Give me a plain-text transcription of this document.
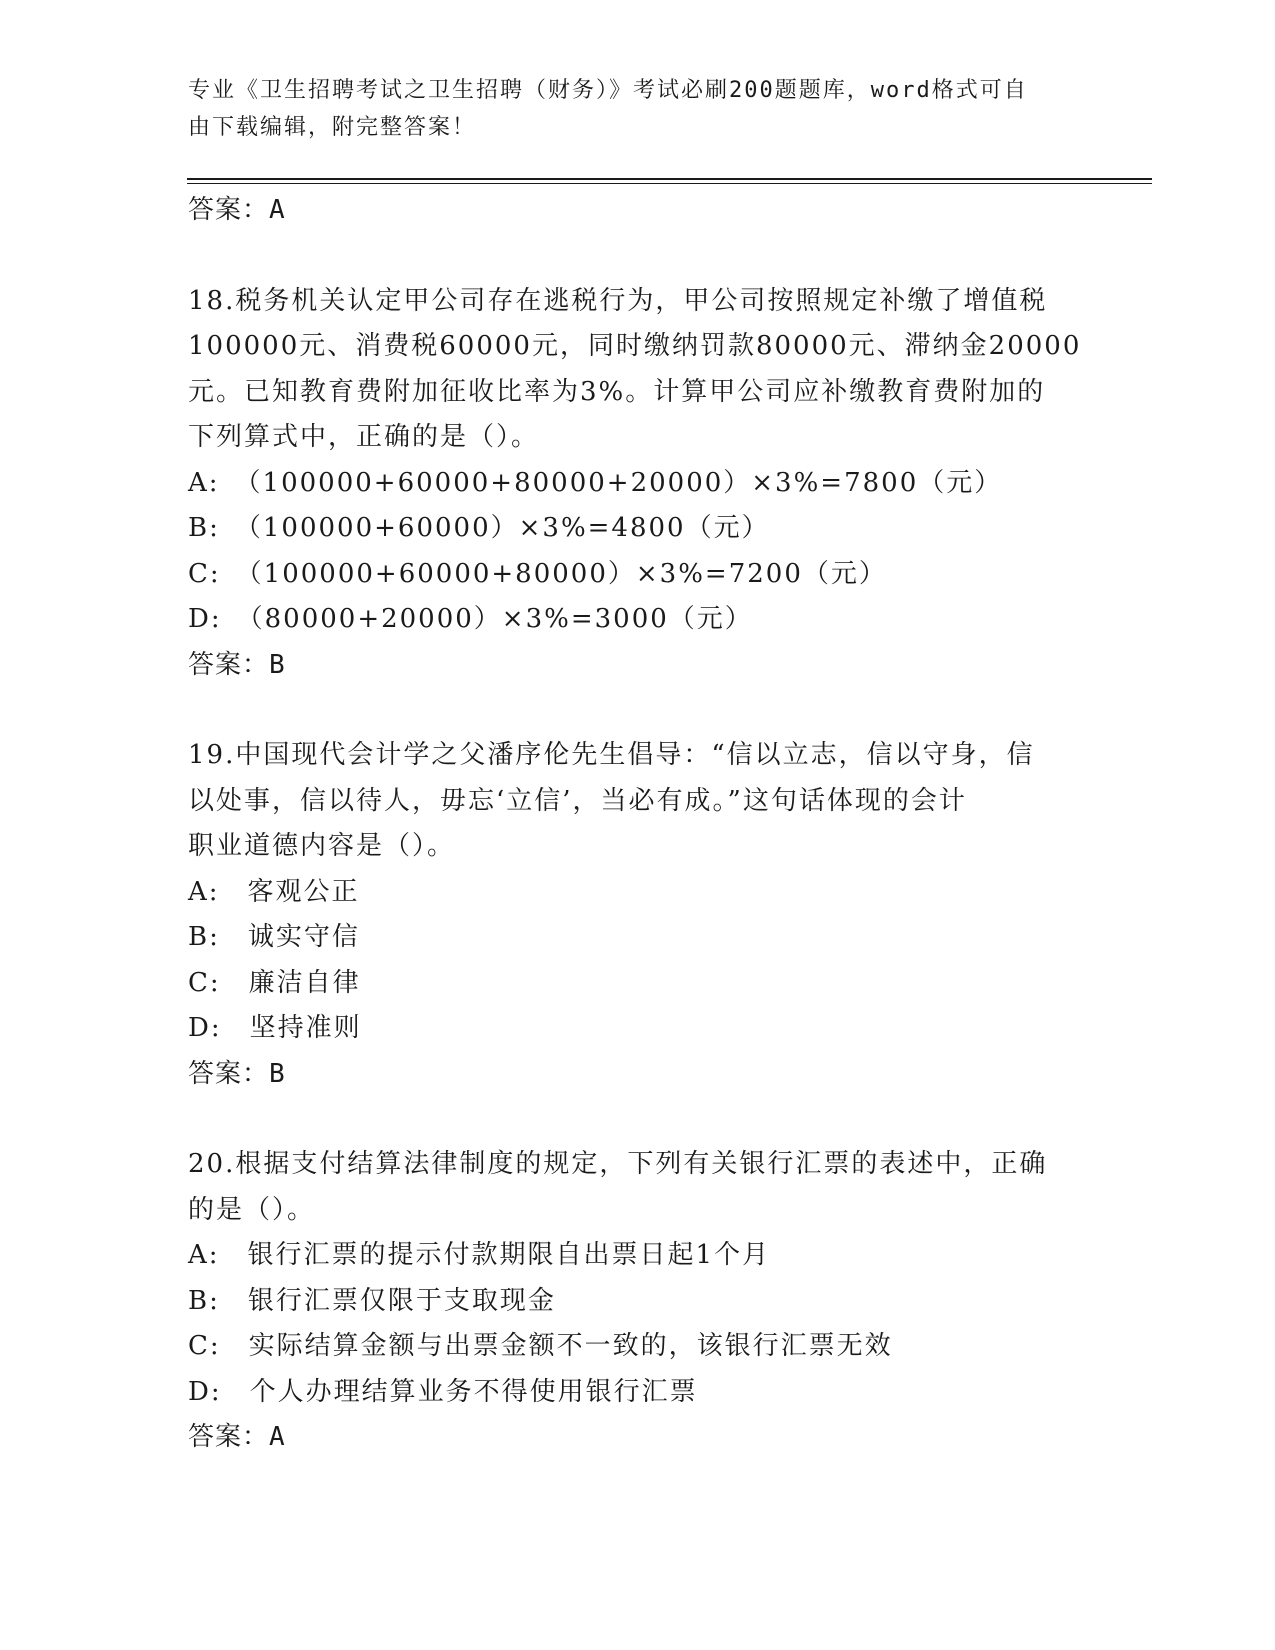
专业《卫生招聘考试之卫生招聘（财务）》考试必刷200题题库，word格式可自
由下载编辑，附完整答案！
答案：A
18.税务机关认定甲公司存在逃税行为，甲公司按照规定补缴了增值税
100000元、消费税60000元，同时缴纳罚款80000元、滞纳金20000
元。已知教育费附加征收比率为3%。计算甲公司应补缴教育费附加的
下列算式中，正确的是（）。
A:　（100000+60000+80000+20000）×3%=7800（元）
B:　（100000+60000）×3%=4800（元）
C:　（100000+60000+80000）×3%=7200（元）
D:　（80000+20000）×3%=3000（元）
答案：B
19.中国现代会计学之父潘序伦先生倡导：“信以立志，信以守身，信
以处事，信以待人，毋忘‘立信’，当必有成。”这句话体现的会计
职业道德内容是（）。
A:　客观公正
B:　诚实守信
C:　廉洁自律
D:　坚持准则
答案：B
20.根据支付结算法律制度的规定，下列有关银行汇票的表述中，正确
的是（）。
A:　银行汇票的提示付款期限自出票日起1个月
B:　银行汇票仅限于支取现金
C:　实际结算金额与出票金额不一致的，该银行汇票无效
D:　个人办理结算业务不得使用银行汇票
答案：A
